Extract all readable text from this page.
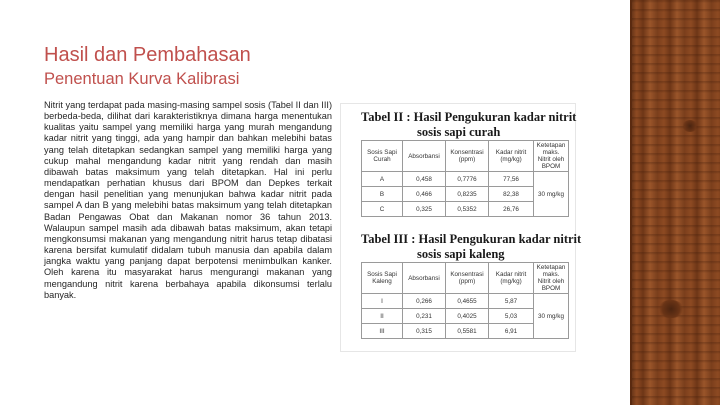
Hasil dan Pembahasan
Penentuan Kurva Kalibrasi
Nitrit yang terdapat pada masing-masing sampel sosis (Tabel II dan III) berbeda-beda, dilihat dari karakteristiknya dimana harga menentukan kualitas yaitu sampel yang memiliki harga yang murah mengandung kadar nitrit yang tinggi, ada yang hampir dan bahkan melebihi batas yang telah ditetapkan sedangkan sampel yang memiliki harga yang cukup mahal mengandung kadar nitrit yang rendah dan masih dibawah batas maksimum yang telah ditetapkan. Hal ini perlu mendapatkan perhatian khusus dari BPOM dan Depkes terkait dengan hasil penelitian yang menunjukan bahwa kadar nitrit pada sampel A dan B yang melebihi batas maksimum yang telah ditetapkan Badan Pengawas Obat dan Makanan nomor 36 tahun 2013. Walaupun sampel masih ada dibawah batas maksimum, akan tetapi mengkonsumsi makanan yang mengandung nitrit harus tetap dibatasi karena bersifat kumulatif didalam tubuh manusia dan apabila dalam jangka waktu yang panjang dapat berpotensi menimbulkan kanker. Oleh karena itu masyarakat harus mengurangi makanan yang mengandung nitrit karena berbahaya apabila dikonsumsi terlalu banyak.
Tabel II : Hasil Pengukuran kadar nitrit
sosis sapi curah
Sosis Sapi Curah	Absorbansi	Konsentrasi (ppm)	Kadar nitrit (mg/kg)	Ketetapan maks. Nitrit oleh BPOM
A	0,458	0,7776	77,56	30 mg/kg
B	0,466	0,8235	82,38	
C	0,325	0,5352	26,76	
Tabel III : Hasil Pengukuran kadar nitrit
sosis sapi kaleng
Sosis Sapi Kaleng	Absorbansi	Konsentrasi (ppm)	Kadar nitrit (mg/kg)	Ketetapan maks. Nitrit oleh BPOM
I	0,266	0,4655	5,87	30 mg/kg
II	0,231	0,4025	5,03	
III	0,315	0,5581	6,91	
